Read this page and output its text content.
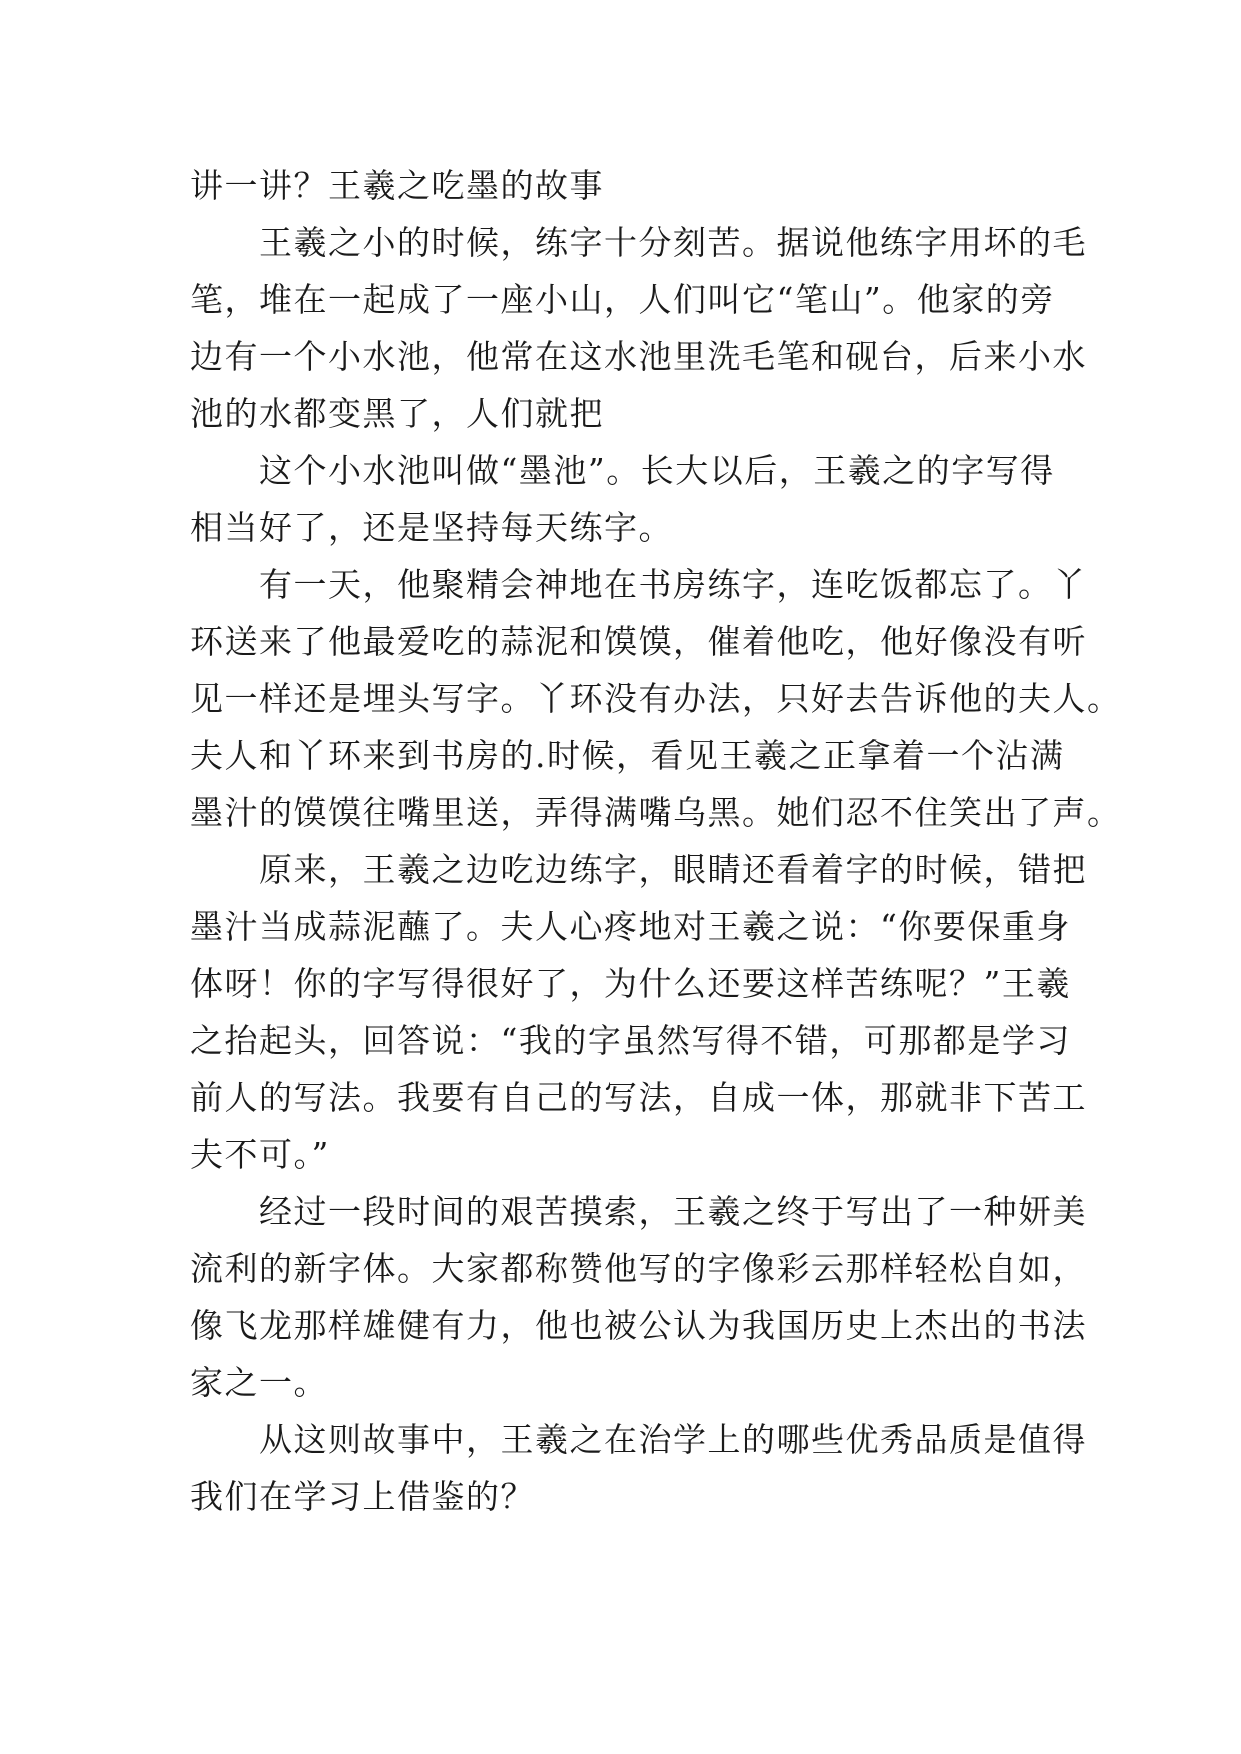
讲一讲？王羲之吃墨的故事
　　王羲之小的时候，练字十分刻苦。据说他练字用坏的毛
笔，堆在一起成了一座小山，人们叫它“笔山”。他家的旁
边有一个小水池，他常在这水池里洗毛笔和砚台，后来小水
池的水都变黑了，人们就把
　　这个小水池叫做“墨池”。长大以后，王羲之的字写得
相当好了，还是坚持每天练字。
　　有一天，他聚精会神地在书房练字，连吃饭都忘了。丫
环送来了他最爱吃的蒜泥和馍馍，催着他吃，他好像没有听
见一样还是埋头写字。丫环没有办法，只好去告诉他的夫人。
夫人和丫环来到书房的.时候，看见王羲之正拿着一个沾满
墨汁的馍馍往嘴里送，弄得满嘴乌黑。她们忍不住笑出了声。
　　原来，王羲之边吃边练字，眼睛还看着字的时候，错把
墨汁当成蒜泥蘸了。夫人心疼地对王羲之说：“你要保重身
体呀！你的字写得很好了，为什么还要这样苦练呢？”王羲
之抬起头，回答说：“我的字虽然写得不错，可那都是学习
前人的写法。我要有自己的写法，自成一体，那就非下苦工
夫不可。”
　　经过一段时间的艰苦摸索，王羲之终于写出了一种妍美
流利的新字体。大家都称赞他写的字像彩云那样轻松自如，
像飞龙那样雄健有力，他也被公认为我国历史上杰出的书法
家之一。
　　从这则故事中，王羲之在治学上的哪些优秀品质是值得
我们在学习上借鉴的？
